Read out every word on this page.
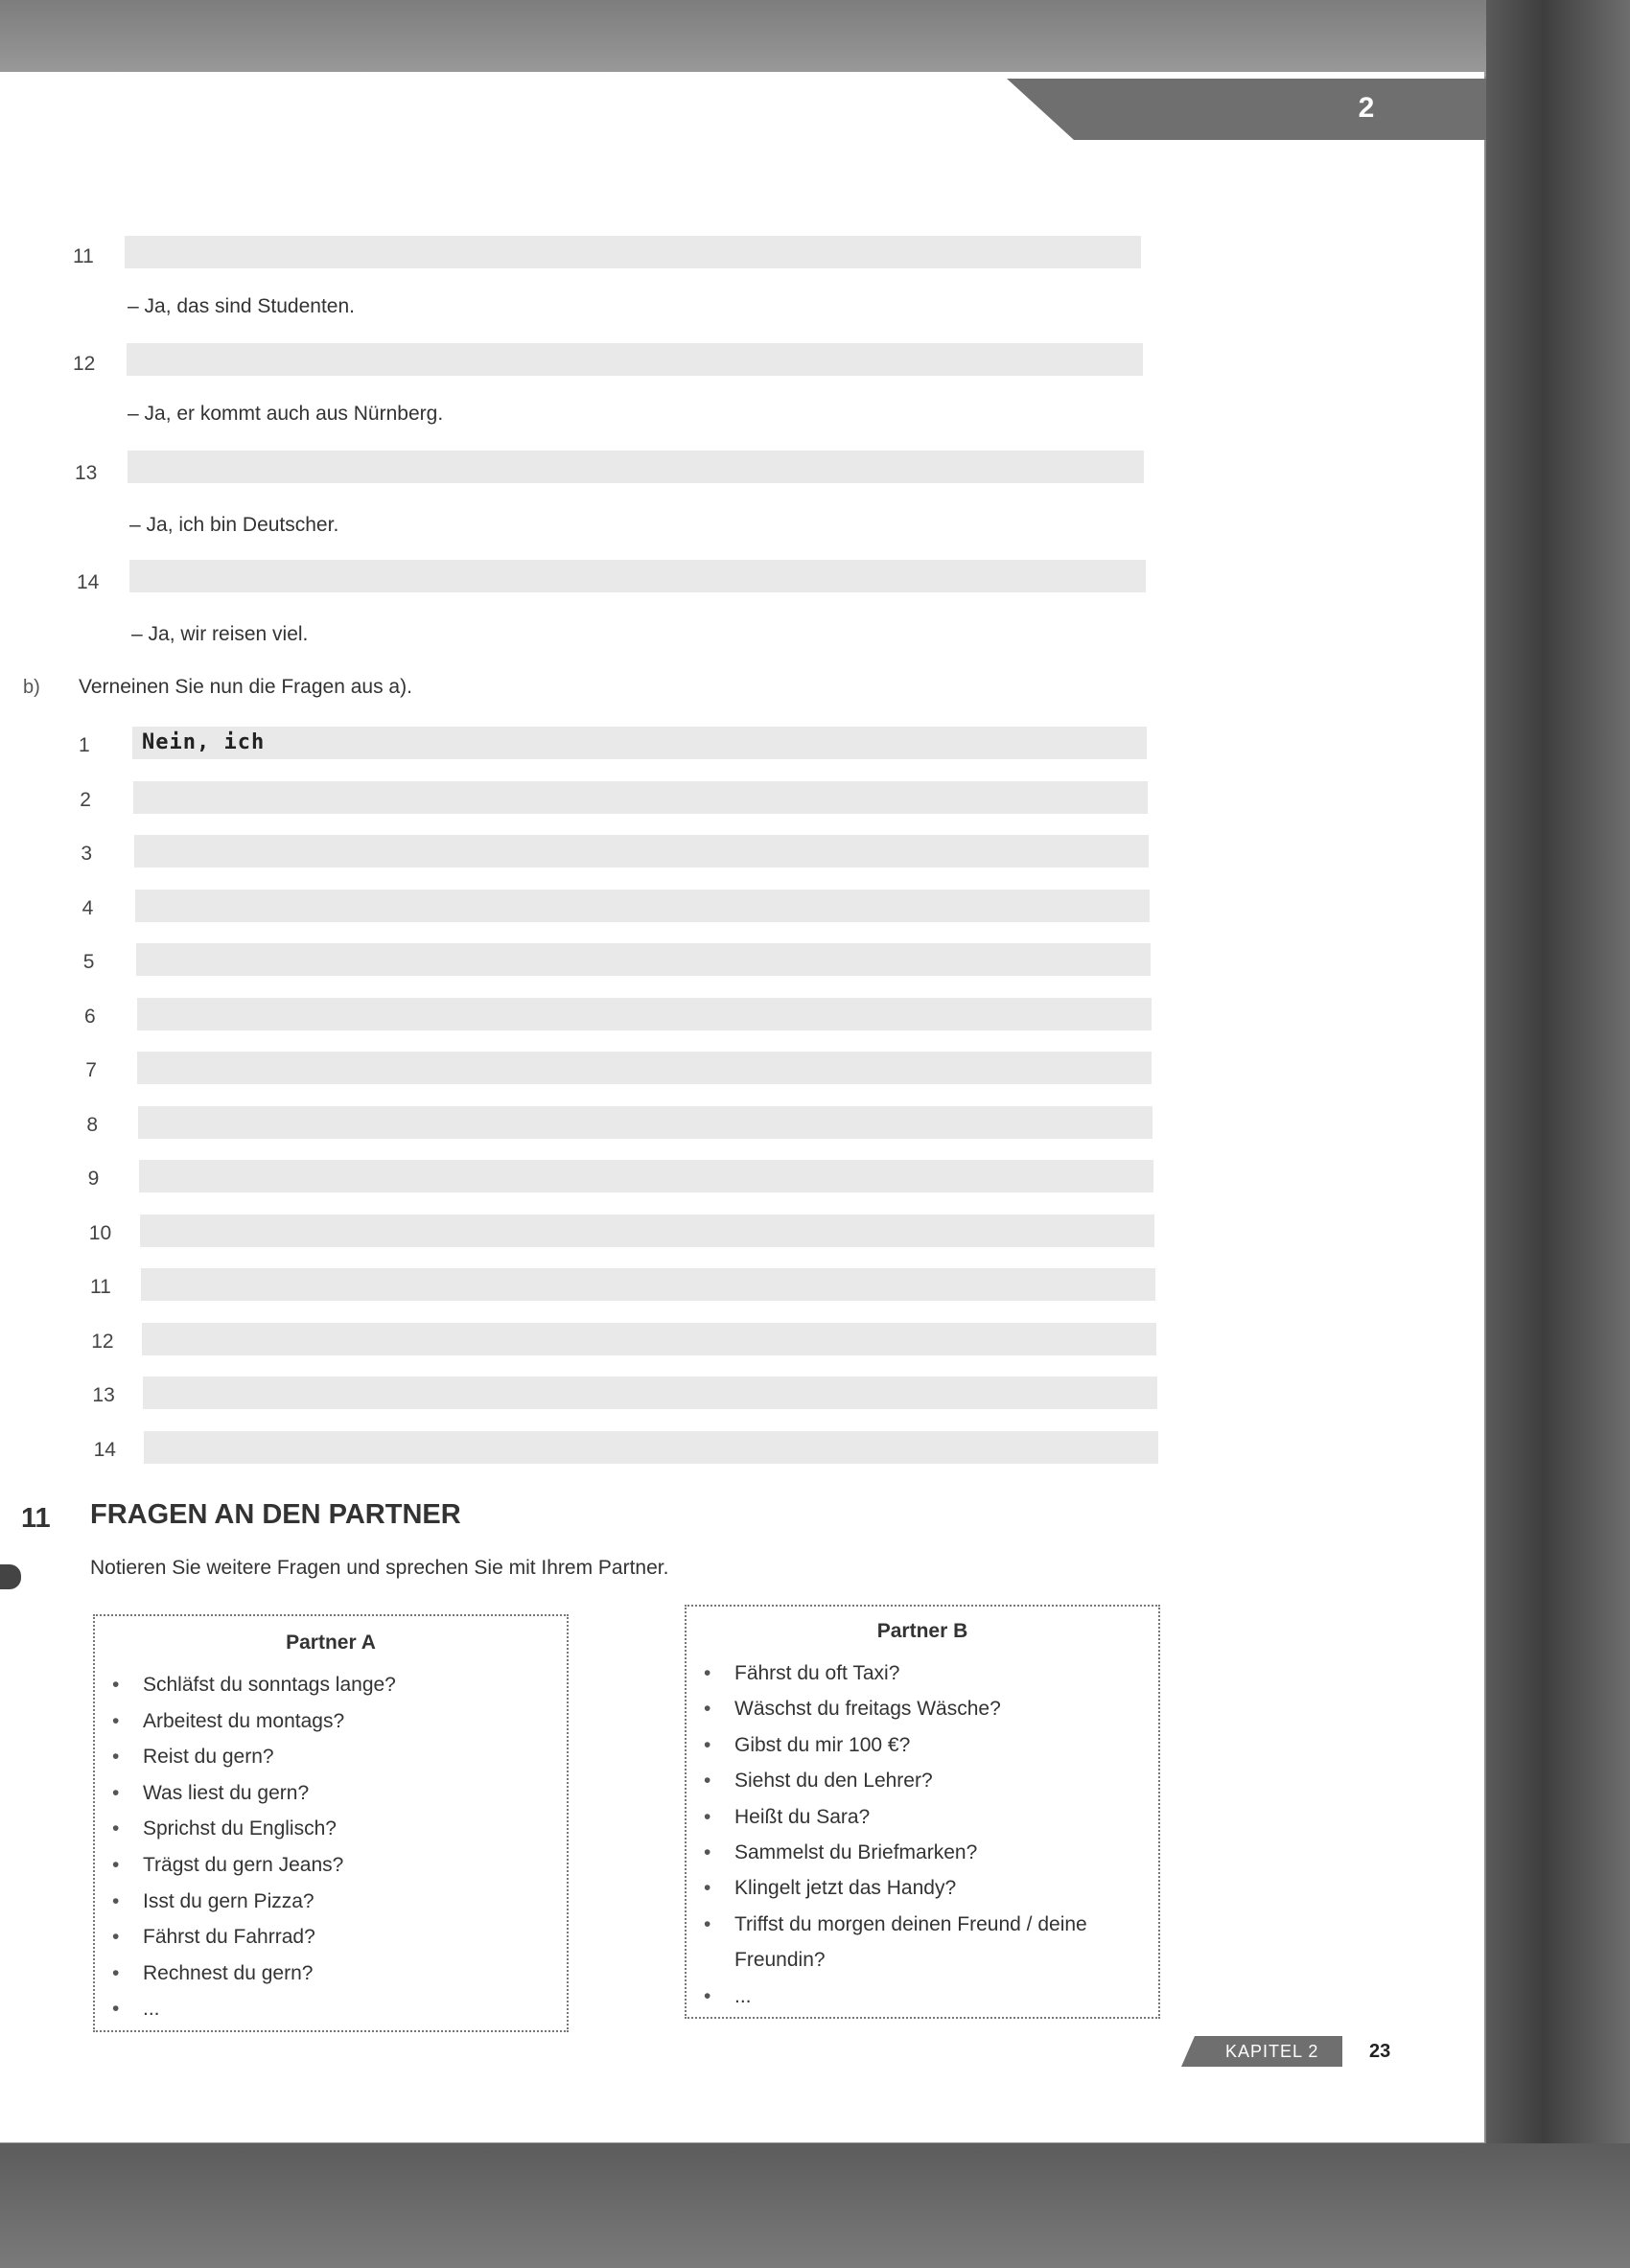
2
11
– Ja, das sind Studenten.
12
– Ja, er kommt auch aus Nürnberg.
13
– Ja, ich bin Deutscher.
14
– Ja, wir reisen viel.
b) Verneinen Sie nun die Fragen aus a).
1
2
3
4
5
6
7
8
9
10
11
12
13
14
Nein, ich
11 FRAGEN AN DEN PARTNER
Notieren Sie weitere Fragen und sprechen Sie mit Ihrem Partner.
Partner A
• Schläfst du sonntags lange?
• Arbeitest du montags?
• Reist du gern?
• Was liest du gern?
• Sprichst du Englisch?
• Trägst du gern Jeans?
• Isst du gern Pizza?
• Fährst du Fahrrad?
• Rechnest du gern?
• ...
Partner B
• Fährst du oft Taxi?
• Wäschst du freitags Wäsche?
• Gibst du mir 100 €?
• Siehst du den Lehrer?
• Heißt du Sara?
• Sammelst du Briefmarken?
• Klingelt jetzt das Handy?
• Triffst du morgen deinen Freund / deine
Freundin?
• ...
KAPITEL 2	23
